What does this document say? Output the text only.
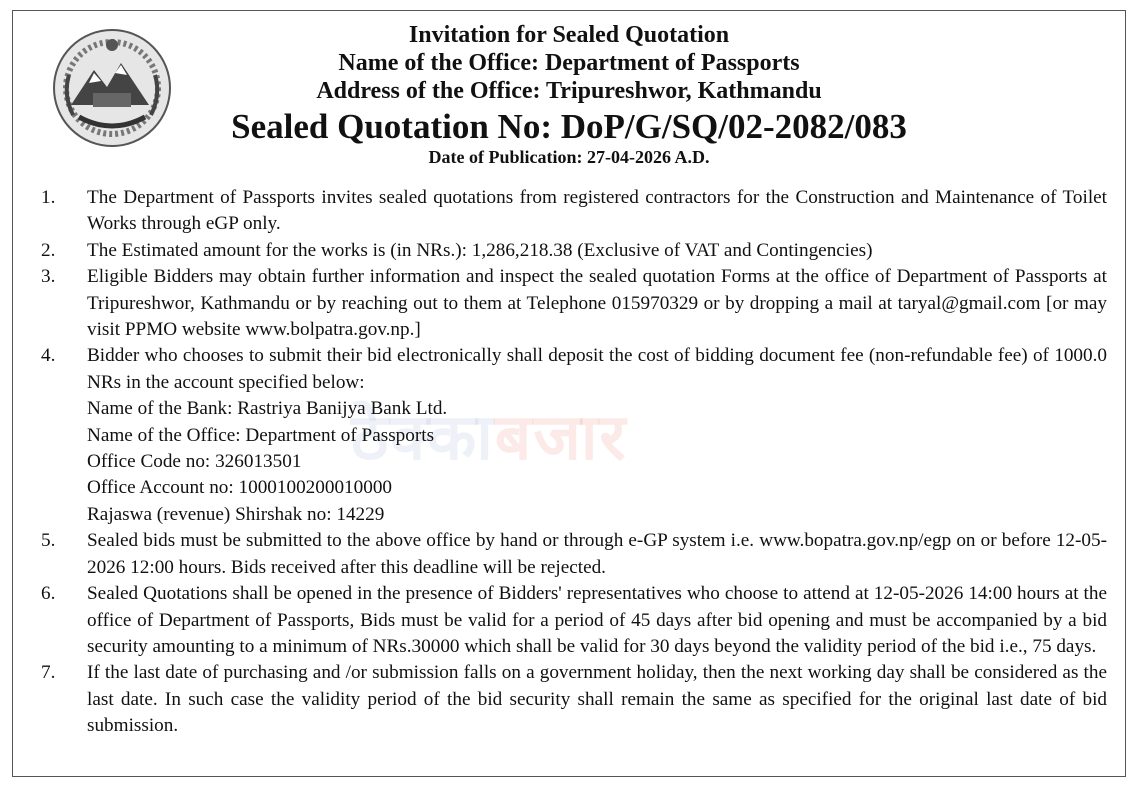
Invitation for Sealed Quotation
Name of the Office: Department of Passports
Address of the Office: Tripureshwor, Kathmandu
Sealed Quotation No: DoP/G/SQ/02-2082/083
Date of Publication: 27-04-2026 A.D.
ठेक्काबजार
1. The Department of Passports invites sealed quotations from registered contractors for the Construction and Maintenance of Toilet Works through eGP only.
2. The Estimated amount for the works is (in NRs.): 1,286,218.38 (Exclusive of VAT and Contingencies)
3. Eligible Bidders may obtain further information and inspect the sealed quotation Forms at the office of Department of Passports at Tripureshwor, Kathmandu or by reaching out to them at Telephone 015970329 or by dropping a mail at taryal@gmail.com [or may visit PPMO website www.bolpatra.gov.np.]
4. Bidder who chooses to submit their bid electronically shall deposit the cost of bidding document fee (non-refundable fee) of 1000.0 NRs in the account specified below:
Name of the Bank: Rastriya Banijya Bank Ltd.
Name of the Office: Department of Passports
Office Code no: 326013501
Office Account no: 1000100200010000
Rajaswa (revenue) Shirshak no: 14229
5. Sealed bids must be submitted to the above office by hand or through e-GP system i.e. www.bopatra.gov.np/egp on or before 12-05-2026 12:00 hours. Bids received after this deadline will be rejected.
6. Sealed Quotations shall be opened in the presence of Bidders' representatives who choose to attend at 12-05-2026 14:00 hours at the office of Department of Passports, Bids must be valid for a period of 45 days after bid opening and must be accompanied by a bid security amounting to a minimum of NRs.30000 which shall be valid for 30 days beyond the validity period of the bid i.e., 75 days.
7. If the last date of purchasing and /or submission falls on a government holiday, then the next working day shall be considered as the last date. In such case the validity period of the bid security shall remain the same as specified for the original last date of bid submission.
